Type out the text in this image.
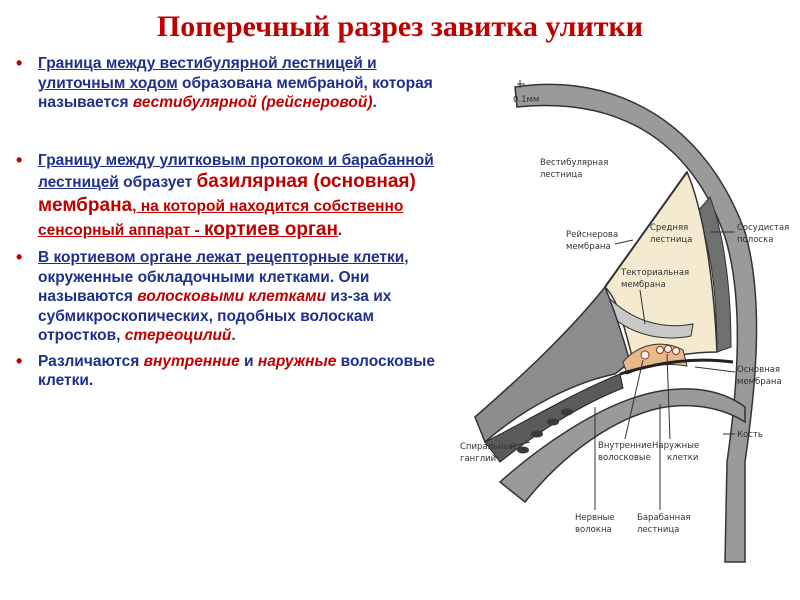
Поперечный разрез завитка улитки
• Граница между вестибулярной лестницей и улиточным ходом образована мембраной, которая называется вестибулярной (рейснеровой).
• Границу между улитковым протоком и барабанной лестницей образует базилярная (основная) мембрана, на которой находится собственно сенсорный аппарат - кортиев орган.
• В кортиевом органе лежат рецепторные клетки, окруженные обкладочными клетками. Они называются волосковыми клетками из-за их субмикроскопических, подобных волоскам отростков, стереоцилий.
• Различаются внутренние и наружные волосковые клетки.
0.1мм
Вестибулярная
лестница
Рейснерова
мембрана
Средняя
лестница
Текториальная
мембрана
Сосудистая
полоска
Основная
мембрана
Кость
Спиральный
ганглий
Внутренние
волосковые
Наружные
клетки
Нервные
волокна
Барабанная
лестница
